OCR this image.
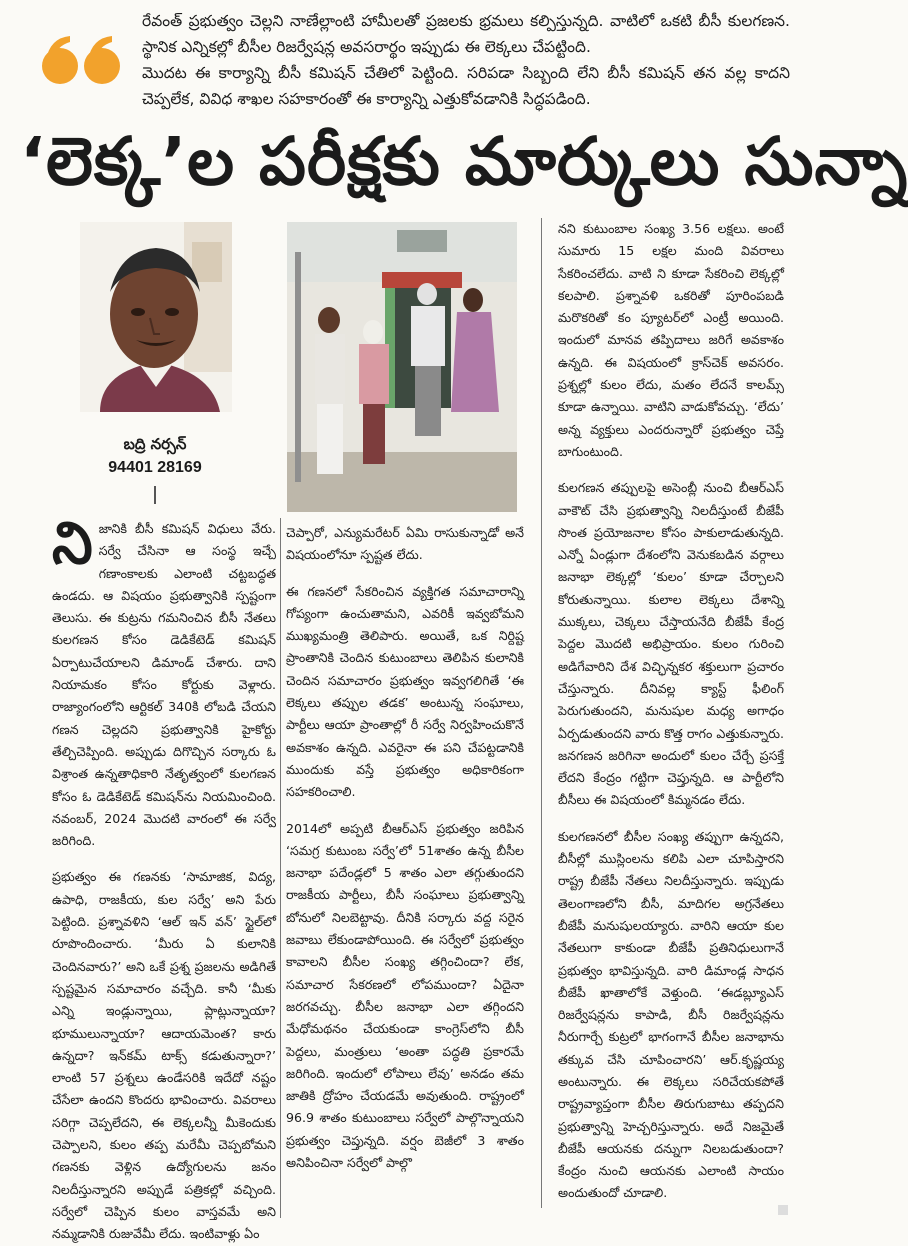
రేవంత్ ప్రభుత్వం చెల్లని నాణేల్లాంటి హామీలతో ప్రజలకు భ్రమలు కల్పిస్తున్నది. వాటిలో ఒకటి బీసీ కులగణన. స్థానిక ఎన్నికల్లో బీసీల రిజర్వేషన్ల అవసరార్థం ఇప్పుడు ఈ లెక్కలు చేపట్టింది.

మొదట ఈ కార్యాన్ని బీసీ కమిషన్ చేతిలో పెట్టింది. సరిపడా సిబ్బంది లేని బీసీ కమిషన్ తన వల్ల కాదని చెప్పలేక, వివిధ శాఖల సహకారంతో ఈ కార్యాన్ని ఎత్తుకోవడానికి సిద్ధపడింది.

‘లెక్క’ల పరీక్షకు మార్కులు సున్నా
బద్రి నర్సన్
94401 28169

నిజానికి బీసీ కమిషన్ విధులు వేరు. సర్వే చేసినా ఆ సంస్థ ఇచ్చే గణాంకాలకు ఎలాంటి చట్టబద్ధత ఉండదు. ఆ విషయం ప్రభుత్వానికి స్పష్టంగా తెలుసు. ఈ కుట్రను గమనించిన బీసీ నేతలు కులగణన కోసం డెడికేటెడ్ కమిషన్ ఏర్పాటుచేయాలని డిమాండ్ చేశారు. దాని నియామకం కోసం కోర్టుకు వెళ్లారు. రాజ్యాంగంలోని ఆర్టికల్ 340కి లోబడి చేయని గణన చెల్లదని ప్రభుత్వానికి హైకోర్టు తేల్చిచెప్పింది. అప్పుడు దిగొచ్చిన సర్కారు ఓ విశ్రాంత ఉన్నతాధికారి నేతృత్వంలో కులగణన కోసం ఓ డెడికేటెడ్ కమిషన్‌ను నియమించింది. నవంబర్, 2024 మొదటి వారంలో ఈ సర్వే జరిగింది.

ప్రభుత్వం ఈ గణనకు ‘సామాజిక, విద్య, ఉపాధి, రాజకీయ, కుల సర్వే’ అని పేరు పెట్టింది. ప్రశ్నావళిని ‘ఆల్ ఇన్ వన్’ స్టైల్‌లో రూపొందించారు. ‘మీరు ఏ కులానికి చెందినవారు?’ అని ఒకే ప్రశ్న ప్రజలను అడిగితే స్పష్టమైన సమాచారం వచ్చేది. కానీ ‘మీకు ఎన్ని ఇండ్లున్నాయి, ప్లాట్లున్నాయా? భూములున్నాయా? ఆదాయమెంత? కారు ఉన్నదా? ఇన్‌కమ్ టాక్స్ కడుతున్నారా?’ లాంటి 57 ప్రశ్నలు ఉండేసరికి ఇదేదో నష్టం చేసేలా ఉందని కొందరు భావించారు. వివరాలు సరిగ్గా చెప్పలేదని, ఈ లెక్కలన్నీ మీకెందుకు చెప్పాలని, కులం తప్ప మరేమీ చెప్పబోమని గణనకు వెళ్లిన ఉద్యోగులను జనం నిలదీస్తున్నారని అప్పుడే పత్రికల్లో వచ్చింది. సర్వేలో చెప్పిన కులం వాస్తవమే అని నమ్మడానికి రుజువేమీ లేదు. ఇంటివాళ్లు ఏం

చెప్పారో, ఎన్యుమరేటర్ ఏమి రాసుకున్నాడో అనే విషయంలోనూ స్పష్టత లేదు.

ఈ గణనలో సేకరించిన వ్యక్తిగత సమాచారాన్ని గోప్యంగా ఉంచుతామని, ఎవరికీ ఇవ్వబోమని ముఖ్యమంత్రి తెలిపారు. అయితే, ఒక నిర్దిష్ట ప్రాంతానికి చెందిన కుటుంబాలు తెలిపిన కులానికి చెందిన సమాచారం ప్రభుత్వం ఇవ్వగలిగితే ‘ఈ లెక్కలు తప్పుల తడక’ అంటున్న సంఘాలు, పార్టీలు ఆయా ప్రాంతాల్లో రీ సర్వే నిర్వహించుకొనే అవకాశం ఉన్నది. ఎవరైనా ఈ పని చేపట్టడానికి ముందుకు వస్తే ప్రభుత్వం అధికారికంగా సహకరించాలి.

2014లో అప్పటి బీఆర్ఎస్ ప్రభుత్వం జరిపిన ‘సమగ్ర కుటుంబ సర్వే’లో 51శాతం ఉన్న బీసీల జనాభా పదేండ్లలో 5 శాతం ఎలా తగ్గుతుందని రాజకీయ పార్టీలు, బీసీ సంఘాలు ప్రభుత్వాన్ని బోనులో నిలబెట్టావు. దీనికి సర్కారు వద్ద సరైన జవాబు లేకుండాపోయింది. ఈ సర్వేలో ప్రభుత్వం కావాలని బీసీల సంఖ్య తగ్గించిందా? లేక, సమాచార సేకరణలో లోపముందా? ఏదైనా జరగవచ్చు. బీసీల జనాభా ఎలా తగ్గిందని మేధోమథనం చేయకుండా కాంగ్రెస్‌లోని బీసీ పెద్దలు, మంత్రులు ‘అంతా పద్ధతి ప్రకారమే జరిగింది. ఇందులో లోపాలు లేవు’ అనడం తమ జాతికి ద్రోహం చేయడమే అవుతుంది. రాష్ట్రంలో 96.9 శాతం కుటుంబాలు సర్వేలో పాల్గొన్నాయని ప్రభుత్వం చెప్తున్నది. వర్షం బెజీలో 3 శాతం అనిపించినా సర్వేలో పాల్గొ

నని కుటుంబాల సంఖ్య 3.56 లక్షలు. అంటే సుమారు 15 లక్షల మంది వివరాలు సేకరించలేదు. వాటి ని కూడా సేకరించి లెక్కల్లో కలపాలి. ప్రశ్నావళి ఒకరితో పూరింపబడి మరొకరితో కం ప్యూటర్‌లో ఎంట్రీ అయింది. ఇందులో మానవ తప్పిదాలు జరిగే అవకాశం ఉన్నది. ఈ విషయంలో క్రాస్‌చెక్ అవసరం. ప్రశ్నల్లో కులం లేదు, మతం లేదనే కాలమ్స్ కూడా ఉన్నాయి. వాటిని వాడుకోవచ్చు. ‘లేదు’ అన్న వ్యక్తులు ఎందరున్నారో ప్రభుత్వం చెప్తే బాగుంటుంది.

కులగణన తప్పులపై అసెంబ్లీ నుంచి బీఆర్ఎస్ వాకౌట్ చేసి ప్రభుత్వాన్ని నిలదీస్తుంటే బీజేపీ సొంత ప్రయోజనాల కోసం పాకులాడుతున్నది. ఎన్నో ఏండ్లుగా దేశంలోని వెనుకబడిన వర్గాలు జనాభా లెక్కల్లో ‘కులం’ కూడా చేర్చాలని కోరుతున్నాయి. కులాల లెక్కలు దేశాన్ని ముక్కలు, చెక్కలు చేస్తాయనేది బీజేపీ కేంద్ర పెద్దల మొదటి అభిప్రాయం. కులం గురించి అడిగేవారిని దేశ విచ్ఛిన్నకర శక్తులుగా ప్రచారం చేస్తున్నారు. దీనివల్ల క్యాస్ట్ ఫీలింగ్ పెరుగుతుందని, మనుషుల మధ్య అగాధం ఏర్పడుతుందని వారు కొత్త రాగం ఎత్తుకున్నారు. జనగణన జరిగినా అందులో కులం చేర్చే ప్రసక్తే లేదని కేంద్రం గట్టిగా చెప్తున్నది. ఆ పార్టీలోని బీసీలు ఈ విషయంలో కిమ్మనడం లేదు.

కులగణనలో బీసీల సంఖ్య తప్పుగా ఉన్నదని, బీసీల్లో ముస్లింలను కలిపి ఎలా చూపిస్తారని రాష్ట్ర బీజేపీ నేతలు నిలదీస్తున్నారు. ఇప్పుడు తెలంగాణలోని బీసీ, మాదిగల అగ్రనేతలు బీజేపీ మనుషులయ్యారు. వారిని ఆయా కుల నేతలుగా కాకుండా బీజేపీ ప్రతినిధులుగానే ప్రభుత్వం భావిస్తున్నది. వారి డిమాండ్ల సాధన బీజేపీ ఖాతాలోకే వెళ్తుంది. ‘ఈడబ్ల్యూఎస్ రిజర్వేషన్లను కాపాడి, బీసీ రిజర్వేషన్లను నీరుగార్చే కుట్రలో భాగంగానే బీసీల జనాభాను తక్కువ చేసి చూపించారని’ ఆర్.కృష్ణయ్య అంటున్నారు. ఈ లెక్కలు సరిచేయకపోతే రాష్ట్రవ్యాప్తంగా బీసీల తిరుగుబాటు తప్పదని ప్రభుత్వాన్ని హెచ్చరిస్తున్నారు. అదే నిజమైతే బీజేపీ ఆయనకు దన్నుగా నిలబడుతుందా? కేంద్రం నుంచి ఆయనకు ఎలాంటి సాయం అందుతుందో చూడాలి.
